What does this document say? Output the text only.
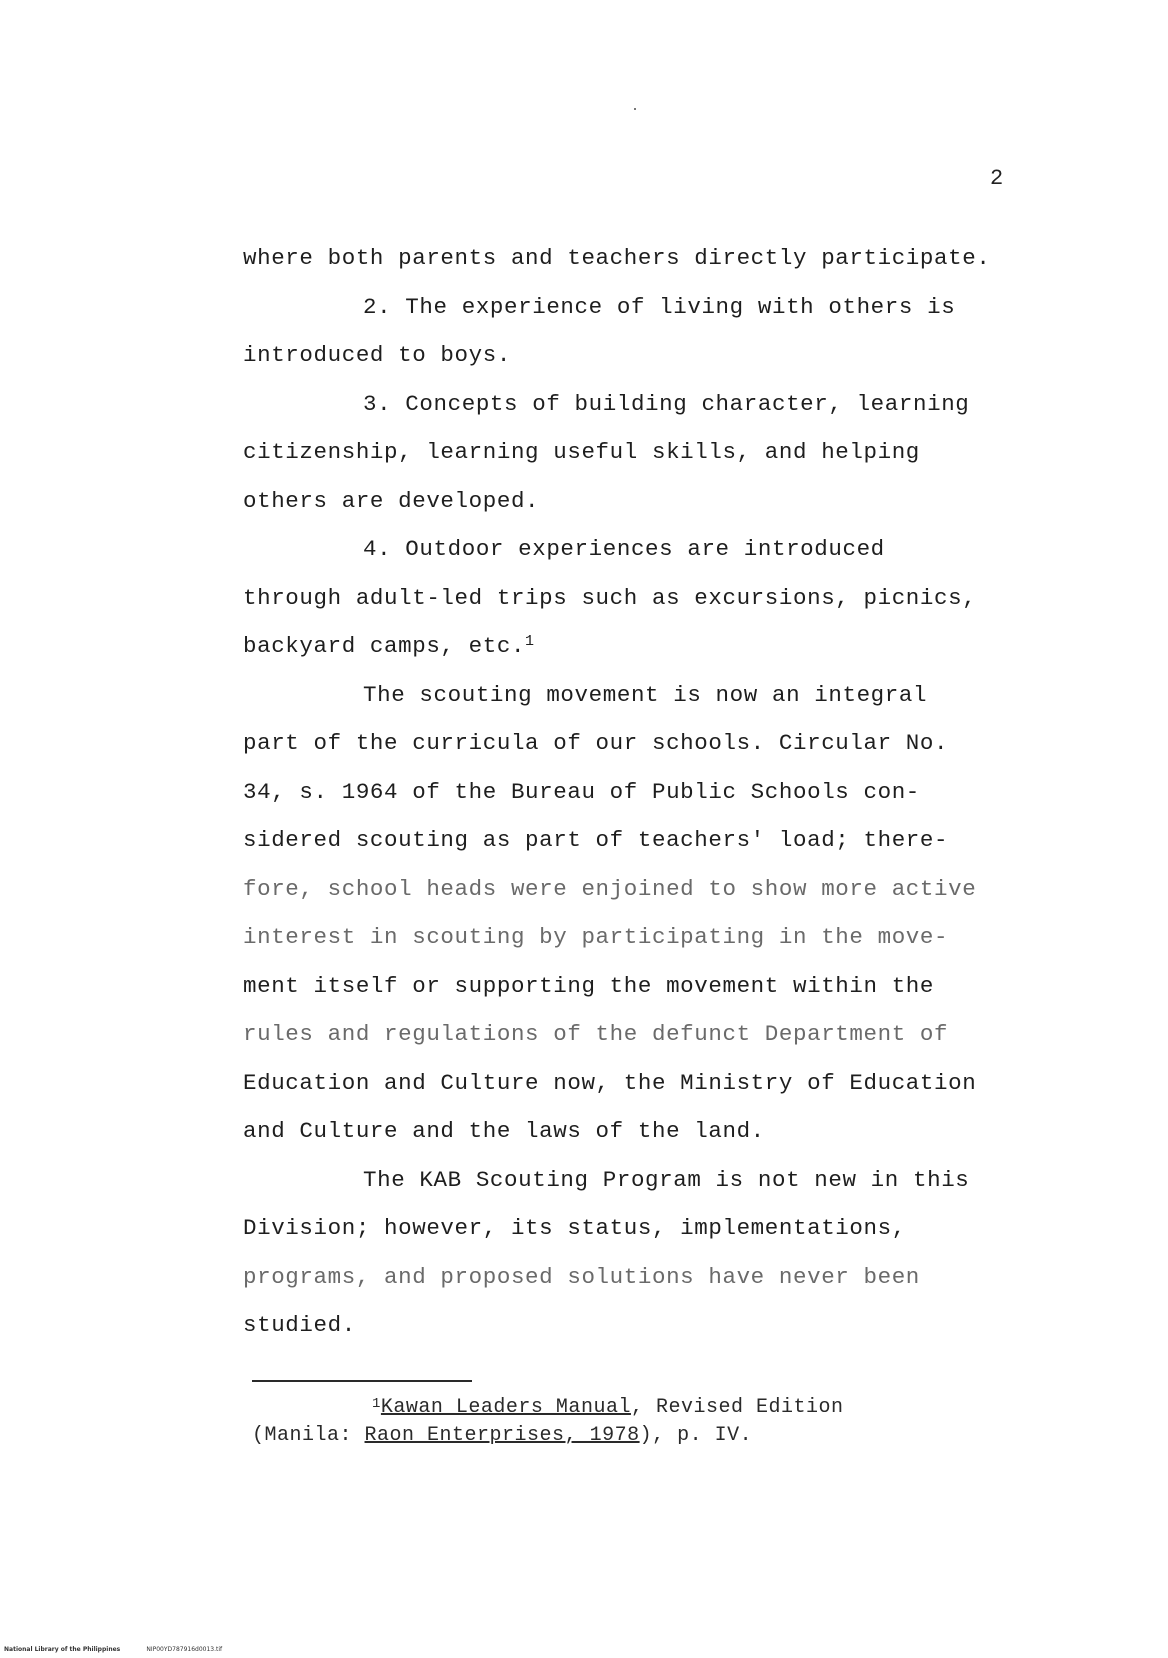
2
where both parents and teachers directly participate.
2. The experience of living with others is
introduced to boys.
3. Concepts of building character, learning
citizenship, learning useful skills, and helping
others are developed.
4. Outdoor experiences are introduced
through adult-led trips such as excursions, picnics,
backyard camps, etc.$^1$
The scouting movement is now an integral
part of the curricula of our schools. Circular No.
34, s. 1964 of the Bureau of Public Schools con-
sidered scouting as part of teachers' load; there-
fore, school heads were enjoined to show more active
interest in scouting by participating in the move-
ment itself or supporting the movement within the
rules and regulations of the defunct Department of
Education and Culture now, the Ministry of Education
and Culture and the laws of the land.
The KAB Scouting Program is not new in this
Division; however, its status, implementations,
programs, and proposed solutions have never been
studied.
$^1$Kawan Leaders Manual, Revised Edition
(Manila: Raon Enterprises, 1978), p. IV.
National Library of the Philippines	NIP00YD787916d0013.tif
